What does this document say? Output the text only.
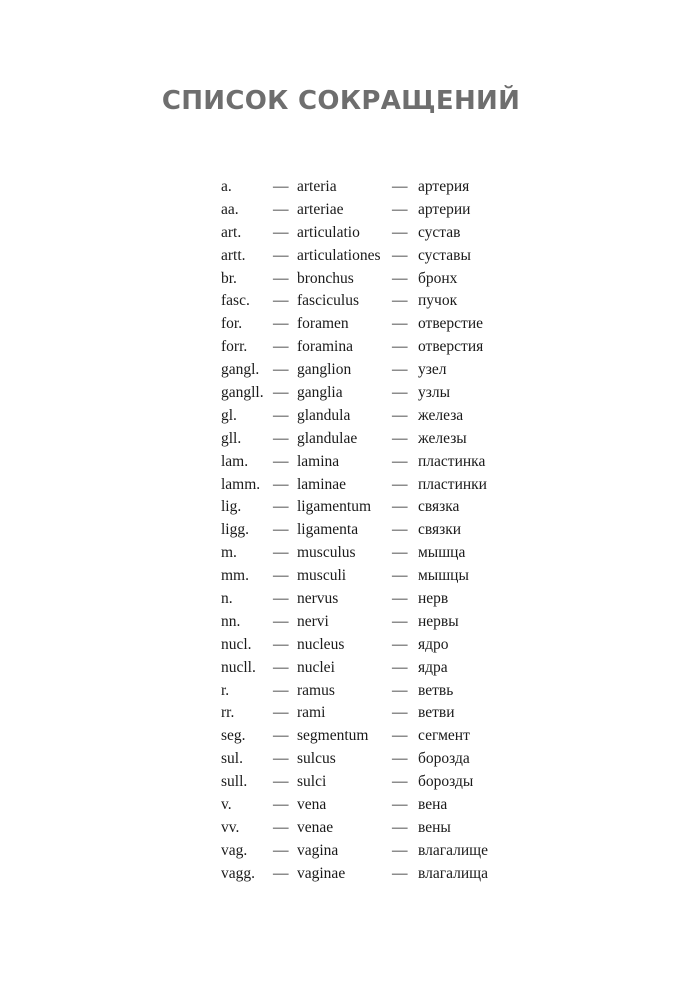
СПИСОК СОКРАЩЕНИЙ
a.	— arteria	— артерия
aa. — arteriae	— артерии
art. — articulatio — сустав
artt. — articulationes — суставы
br. — bronchus — бронх
fasc. — fasciculus — пучок
for. — foramen	— отверстие
forr. — foramina	— отверстия
gangl. — ganglion	— узел
gangll. — ganglia	— узлы
gl. — glandula	— железа
gll. — glandulae — железы
lam. — lamina	— пластинка
lamm. — laminae	— пластинки
lig. — ligamentum — связка
ligg. — ligamenta — связки
m. — musculus — мышца
mm. — musculi	— мышцы
n.	— nervus	— нерв
nn. — nervi	— нервы
nucl. — nucleus	— ядро
nucll. — nuclei	— ядра
r.	— ramus	— ветвь
rr. — rami	— ветви
seg. — segmentum — сегмент
sul. — sulcus	— борозда
sull. — sulci	— борозды
v.	— vena	— вена
vv. — venae	— вены
vag. — vagina	— влагалище
vagg. — vaginae	— влагалища
